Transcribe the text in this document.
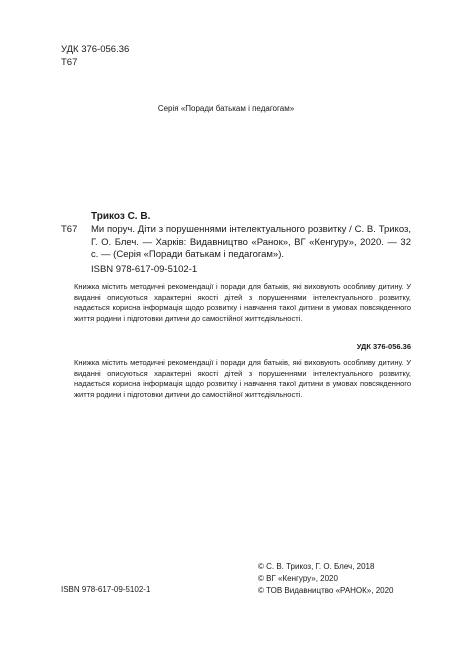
УДК 376-056.36
Т67
Серія «Поради батькам і педагогам»
Трикоз С. В.
Т67 Ми поруч. Діти з порушеннями інтелектуального розвитку / С. В. Трикоз, Г. О. Блеч. — Харків: Видавництво «Ранок», ВГ «Кенгуру», 2020. — 32 с. — (Серія «Поради батькам і педагогам»).
ISBN 978-617-09-5102-1
Книжка містить методичні рекомендації і поради для батьків, які виховують особливу дитину. У виданні описуються характерні якості дітей з порушеннями інтелектуального розвитку, надається корисна інформація щодо розвитку і навчання такої дитини в умовах повсякденного життя родини і підготовки дитини до самостійної життєдіяльності.
УДК 376-056.36
Книжка містить методичні рекомендації і поради для батьків, які виховують особливу дитину. У виданні описуються характерні якості дітей з порушеннями інтелектуального розвитку, надається корисна інформація щодо розвитку і навчання такої дитини в умовах повсякденного життя родини і підготовки дитини до самостійної життєдіяльності.
ISBN 978-617-09-5102-1
© С. В. Трикоз, Г. О. Блеч, 2018
© ВГ «Кенгуру», 2020
© ТОВ Видавництво «РАНОК», 2020
